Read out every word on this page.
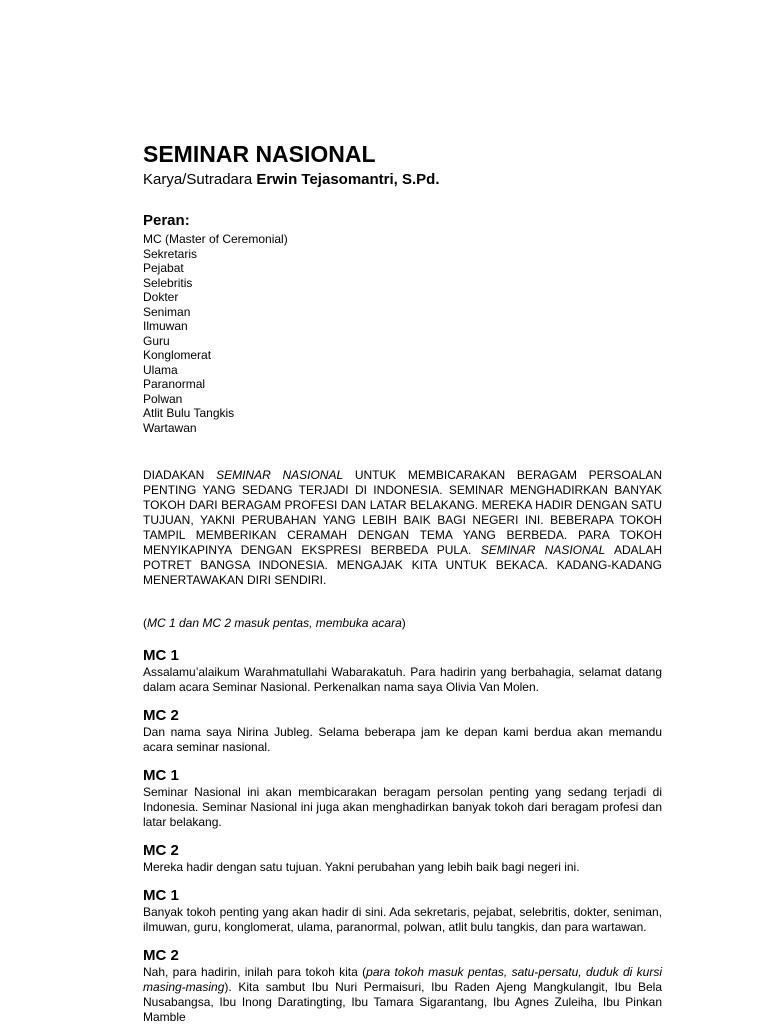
SEMINAR NASIONAL
Karya/Sutradara Erwin Tejasomantri, S.Pd.
Peran:
MC (Master of Ceremonial)
Sekretaris
Pejabat
Selebritis
Dokter
Seniman
Ilmuwan
Guru
Konglomerat
Ulama
Paranormal
Polwan
Atlit Bulu Tangkis
Wartawan

DIADAKAN SEMINAR NASIONAL UNTUK MEMBICARAKAN BERAGAM PERSOALAN PENTING YANG SEDANG TERJADI DI INDONESIA. SEMINAR MENGHADIRKAN BANYAK TOKOH DARI BERAGAM PROFESI DAN LATAR BELAKANG. MEREKA HADIR DENGAN SATU TUJUAN, YAKNI PERUBAHAN YANG LEBIH BAIK BAGI NEGERI INI. BEBERAPA TOKOH TAMPIL MEMBERIKAN CERAMAH DENGAN TEMA YANG BERBEDA. PARA TOKOH MENYIKAPINYA DENGAN EKSPRESI BERBEDA PULA. SEMINAR NASIONAL ADALAH POTRET BANGSA INDONESIA. MENGAJAK KITA UNTUK BEKACA. KADANG-KADANG MENERTAWAKAN DIRI SENDIRI.

(MC 1 dan MC 2 masuk pentas, membuka acara)
MC 1
Assalamu’alaikum Warahmatullahi Wabarakatuh. Para hadirin yang berbahagia, selamat datang dalam acara Seminar Nasional. Perkenalkan nama saya Olivia Van Molen.
MC 2
Dan nama saya Nirina Jubleg. Selama beberapa jam ke depan kami berdua akan memandu acara seminar nasional.
MC 1
Seminar Nasional ini akan membicarakan beragam persolan penting yang sedang terjadi di Indonesia. Seminar Nasional ini juga akan menghadirkan banyak tokoh dari beragam profesi dan latar belakang.
MC 2
Mereka hadir dengan satu tujuan. Yakni perubahan yang lebih baik bagi negeri ini.
MC 1
Banyak tokoh penting yang akan hadir di sini. Ada sekretaris, pejabat, selebritis, dokter, seniman, ilmuwan, guru, konglomerat, ulama, paranormal, polwan, atlit bulu tangkis, dan para wartawan.
MC 2
Nah, para hadirin, inilah para tokoh kita (para tokoh masuk pentas, satu-persatu, duduk di kursi masing-masing). Kita sambut Ibu Nuri Permaisuri, Ibu Raden Ajeng Mangkulangit, Ibu Bela Nusabangsa, Ibu Inong Daratingting, Ibu Tamara Sigarantang, Ibu Agnes Zuleiha, Ibu Pinkan Mamble
